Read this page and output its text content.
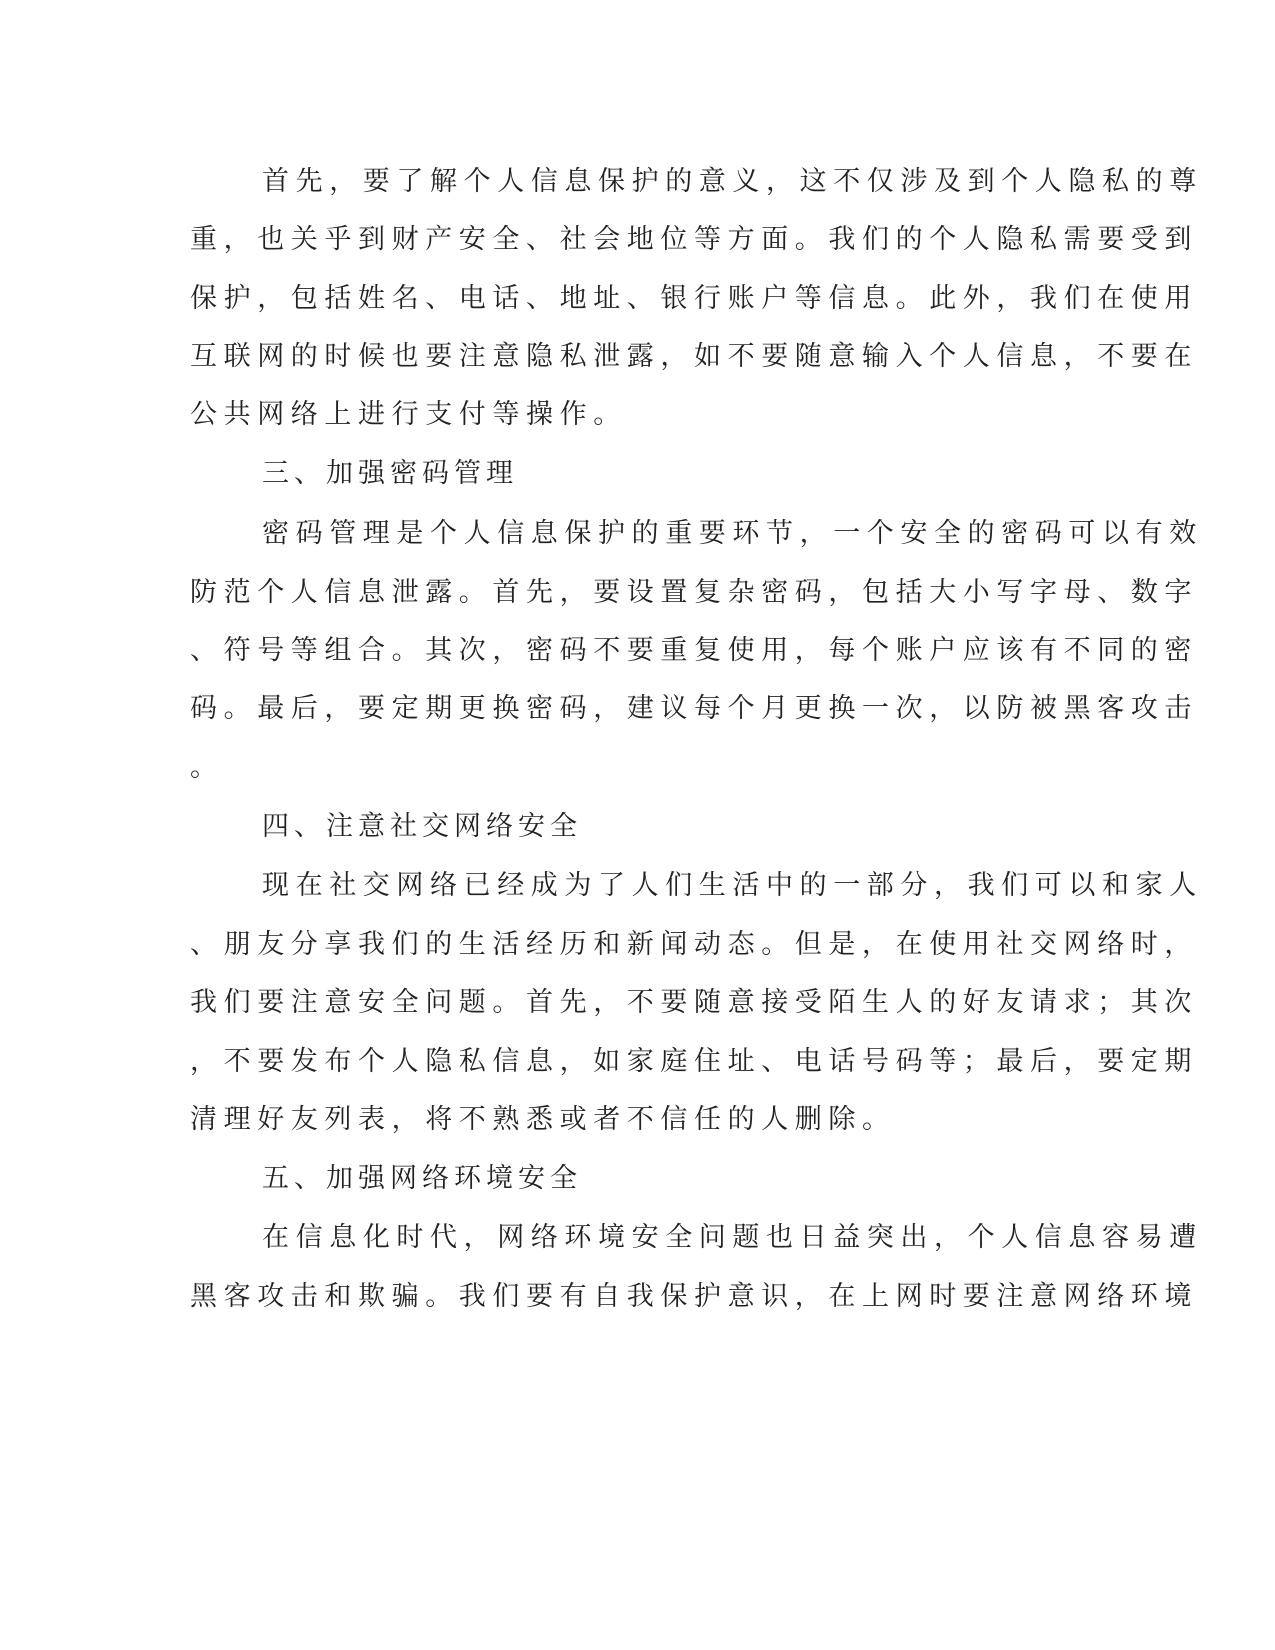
首先，要了解个人信息保护的意义，这不仅涉及到个人隐私的尊

重，也关乎到财产安全、社会地位等方面。我们的个人隐私需要受到

保护，包括姓名、电话、地址、银行账户等信息。此外，我们在使用

互联网的时候也要注意隐私泄露，如不要随意输入个人信息，不要在

公共网络上进行支付等操作。

三、加强密码管理

密码管理是个人信息保护的重要环节，一个安全的密码可以有效

防范个人信息泄露。首先，要设置复杂密码，包括大小写字母、数字

、符号等组合。其次，密码不要重复使用，每个账户应该有不同的密

码。最后，要定期更换密码，建议每个月更换一次，以防被黑客攻击

。

四、注意社交网络安全

现在社交网络已经成为了人们生活中的一部分，我们可以和家人

、朋友分享我们的生活经历和新闻动态。但是，在使用社交网络时，

我们要注意安全问题。首先，不要随意接受陌生人的好友请求；其次

，不要发布个人隐私信息，如家庭住址、电话号码等；最后，要定期

清理好友列表，将不熟悉或者不信任的人删除。

五、加强网络环境安全

在信息化时代，网络环境安全问题也日益突出，个人信息容易遭

黑客攻击和欺骗。我们要有自我保护意识，在上网时要注意网络环境
